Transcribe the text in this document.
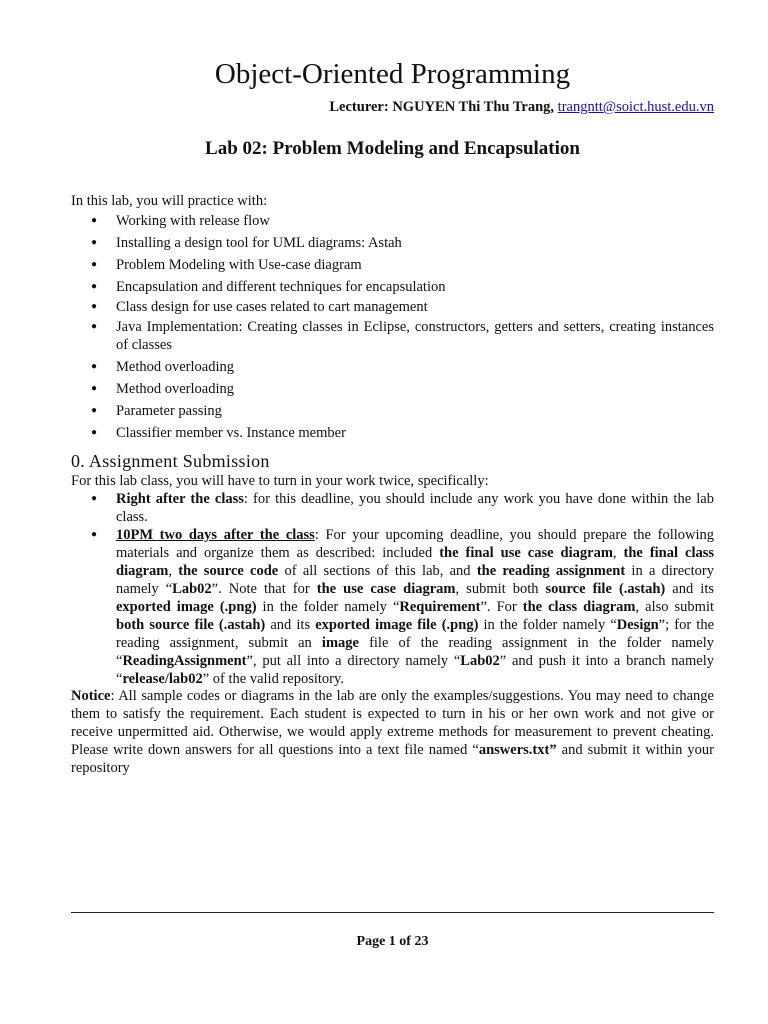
Object-Oriented Programming
Lecturer: NGUYEN Thi Thu Trang, trangntt@soict.hust.edu.vn
Lab 02: Problem Modeling and Encapsulation
In this lab, you will practice with:
● Working with release flow
● Installing a design tool for UML diagrams: Astah
● Problem Modeling with Use-case diagram
● Encapsulation and different techniques for encapsulation
● Class design for use cases related to cart management
● Java Implementation: Creating classes in Eclipse, constructors, getters and setters, creating instances of classes
● Method overloading
● Method overloading
● Parameter passing
● Classifier member vs. Instance member
0. Assignment Submission
For this lab class, you will have to turn in your work twice, specifically:
● Right after the class: for this deadline, you should include any work you have done within the lab class.
● 10PM two days after the class: For your upcoming deadline, you should prepare the following materials and organize them as described: included the final use case diagram, the final class diagram, the source code of all sections of this lab, and the reading assignment in a directory namely “Lab02”. Note that for the use case diagram, submit both source file (.astah) and its exported image (.png) in the folder namely “Requirement”. For the class diagram, also submit both source file (.astah) and its exported image file (.png) in the folder namely “Design”; for the reading assignment, submit an image file of the reading assignment in the folder namely “ReadingAssignment”, put all into a directory namely “Lab02” and push it into a branch namely “release/lab02” of the valid repository.
Notice: All sample codes or diagrams in the lab are only the examples/suggestions. You may need to change them to satisfy the requirement. Each student is expected to turn in his or her own work and not give or receive unpermitted aid. Otherwise, we would apply extreme methods for measurement to prevent cheating. Please write down answers for all questions into a text file named “answers.txt” and submit it within your repository
Page 1 of 23
